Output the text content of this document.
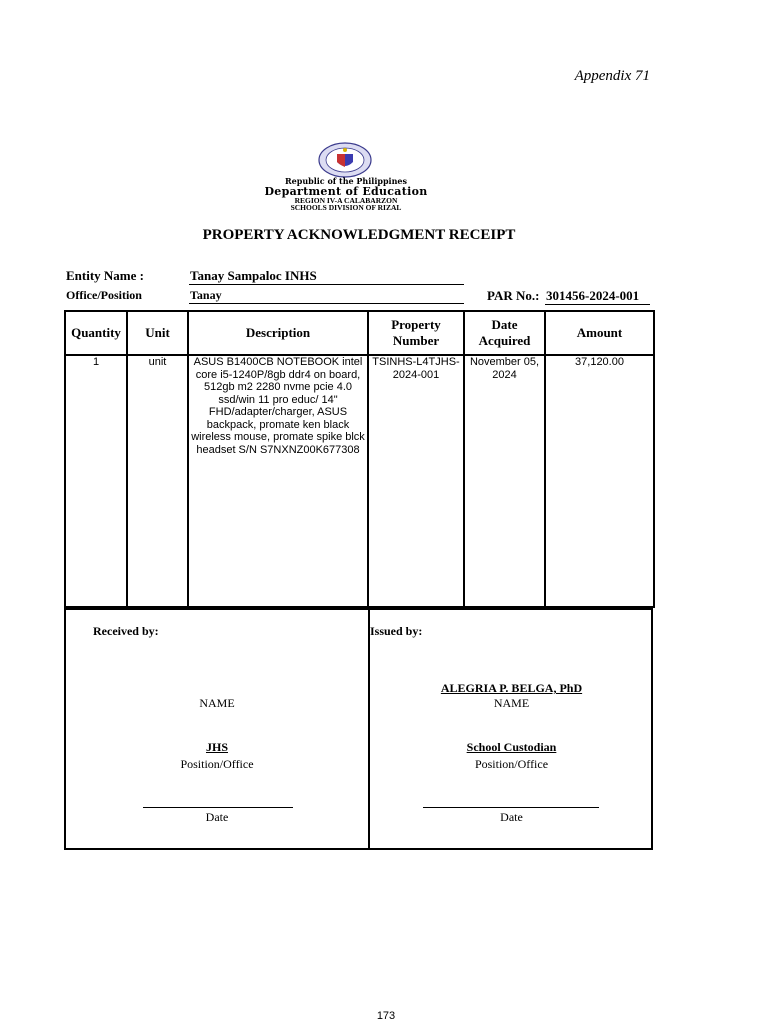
Appendix 71
Republic of the Philippines
Department of Education
REGION IV-A CALABARZON
SCHOOLS DIVISION OF RIZAL
PROPERTY ACKNOWLEDGMENT RECEIPT
Entity Name :	Tanay Sampaloc INHS
Office/Position	Tanay	PAR No.: 301456-2024-001
Quantity	Unit	Description	Property Number	Date Acquired	Amount
1	unit	ASUS B1400CB NOTEBOOK intel core i5-1240P/8gb ddr4 on board, 512gb m2 2280 nvme pcie 4.0 ssd/win 11 pro educ/ 14" FHD/adapter/charger, ASUS backpack, promate ken black wireless mouse, promate spike blck headset S/N S7NXNZ00K677308	TSINHS-L4TJHS-2024-001	November 05, 2024	37,120.00
Received by:
NAME
JHS
Position/Office
Date
Issued by:
ALEGRIA P. BELGA, PhD
NAME
School Custodian
Position/Office
Date
173
